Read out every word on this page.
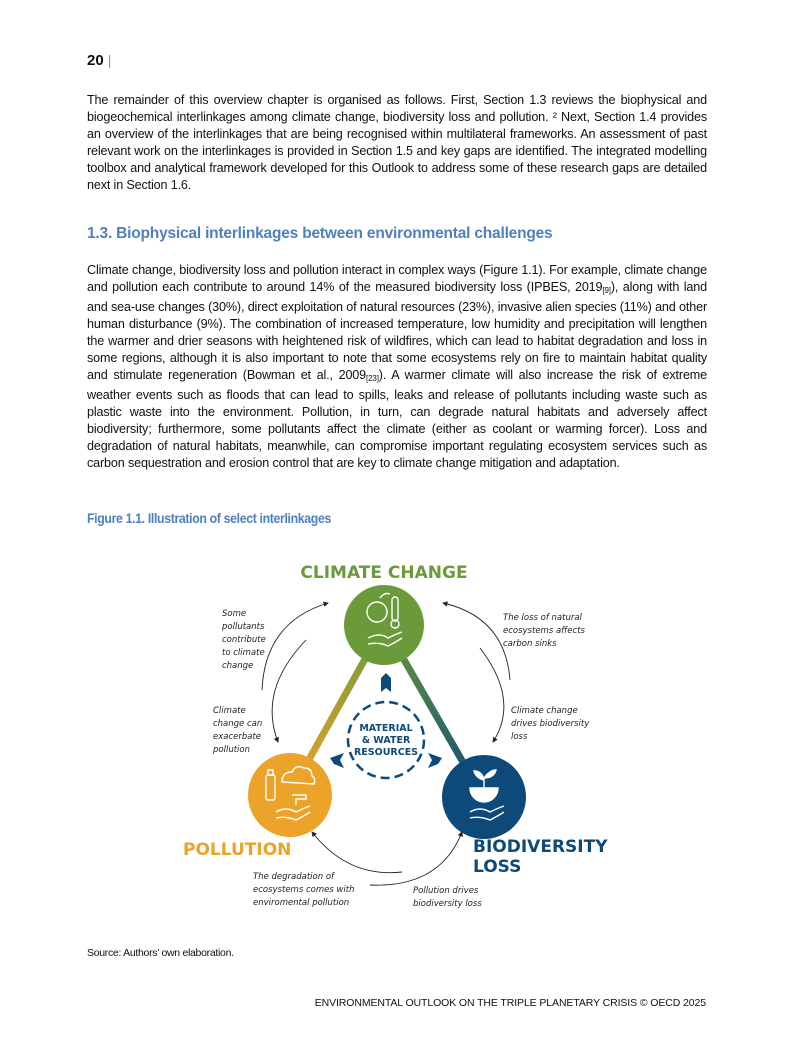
20 |

The remainder of this overview chapter is organised as follows. First, Section 1.3 reviews the biophysical and biogeochemical interlinkages among climate change, biodiversity loss and pollution. ² Next, Section 1.4 provides an overview of the interlinkages that are being recognised within multilateral frameworks. An assessment of past relevant work on the interlinkages is provided in Section 1.5 and key gaps are identified. The integrated modelling toolbox and analytical framework developed for this Outlook to address some of these research gaps are detailed next in Section 1.6.

1.3. Biophysical interlinkages between environmental challenges

Climate change, biodiversity loss and pollution interact in complex ways (Figure 1.1). For example, climate change and pollution each contribute to around 14% of the measured biodiversity loss (IPBES, $2019_{[9]}$), along with land and sea-use changes (30%), direct exploitation of natural resources (23%), invasive alien species (11%) and other human disturbance (9%). The combination of increased temperature, low humidity and precipitation will lengthen the warmer and drier seasons with heightened risk of wildfires, which can lead to habitat degradation and loss in some regions, although it is also important to note that some ecosystems rely on fire to maintain habitat quality and stimulate regeneration (Bowman et al., $2009_{[23]}$). A warmer climate will also increase the risk of extreme weather events such as floods that can lead to spills, leaks and release of pollutants including waste such as plastic waste into the environment. Pollution, in turn, can degrade natural habitats and adversely affect biodiversity; furthermore, some pollutants affect the climate (either as coolant or warming forcer). Loss and degradation of natural habitats, meanwhile, can compromise important regulating ecosystem services such as carbon sequestration and erosion control that are key to climate change mitigation and adaptation.

Figure 1.1. Illustration of select interlinkages
CLIMATE CHANGE
MATERIAL
& WATER
RESOURCES
POLLUTION	BIODIVERSITY
LOSS
Some
pollutants
contribute
to climate
change
Climate
change can
exacerbate
pollution
The loss of natural
ecosystems affects
carbon sinks
Climate change
drives biodiversity
loss
The degradation of
ecosystems comes with
enviromental pollution
Pollution drives
biodiversity loss
Source: Authors’ own elaboration.
ENVIRONMENTAL OUTLOOK ON THE TRIPLE PLANETARY CRISIS © OECD 2025
